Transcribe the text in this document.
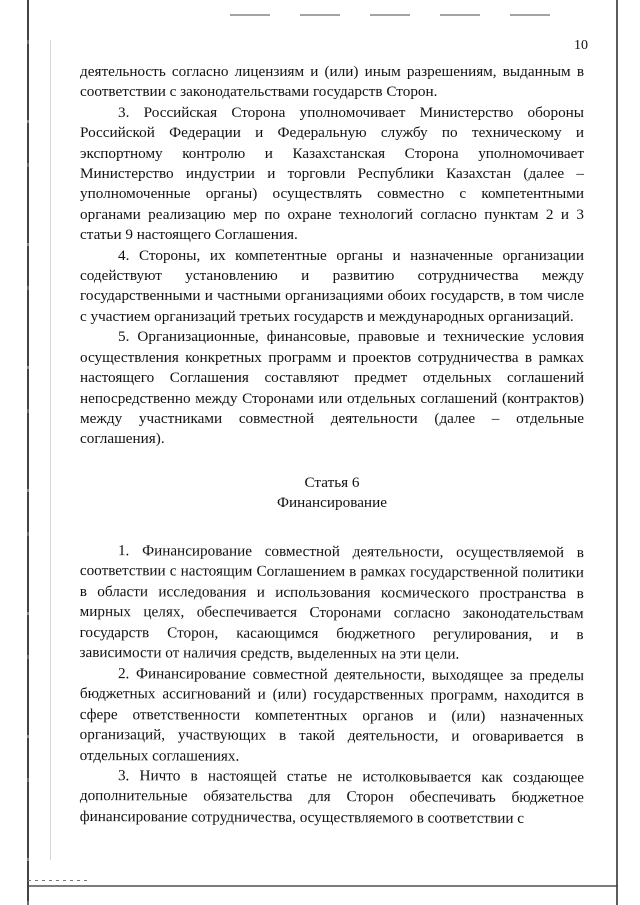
10

деятельность согласно лицензиям и (или) иным разрешениям, выданным в соответствии с законодательствами государств Сторон.

3. Российская Сторона уполномочивает Министерство обороны Российской Федерации и Федеральную службу по техническому и экспортному контролю и Казахстанская Сторона уполномочивает Министерство индустрии и торговли Республики Казахстан (далее – уполномоченные органы) осуществлять совместно с компетентными органами реализацию мер по охране технологий согласно пунктам 2 и 3 статьи 9 настоящего Соглашения.

4. Стороны, их компетентные органы и назначенные организации содействуют установлению и развитию сотрудничества между государственными и частными организациями обоих государств, в том числе с участием организаций третьих государств и международных организаций.

5. Организационные, финансовые, правовые и технические условия осуществления конкретных программ и проектов сотрудничества в рамках настоящего Соглашения составляют предмет отдельных соглашений непосредственно между Сторонами или отдельных соглашений (контрактов) между участниками совместной деятельности (далее – отдельные соглашения).

Статья 6

Финансирование

1. Финансирование совместной деятельности, осуществляемой в соответствии с настоящим Соглашением в рамках государственной политики в области исследования и использования космического пространства в мирных целях, обеспечивается Сторонами согласно законодательствам государств Сторон, касающимся бюджетного регулирования, и в зависимости от наличия средств, выделенных на эти цели.

2. Финансирование совместной деятельности, выходящее за пределы бюджетных ассигнований и (или) государственных программ, находится в сфере ответственности компетентных органов и (или) назначенных организаций, участвующих в такой деятельности, и оговаривается в отдельных соглашениях.

3. Ничто в настоящей статье не истолковывается как создающее дополнительные обязательства для Сторон обеспечивать бюджетное финансирование сотрудничества, осуществляемого в соответствии с
